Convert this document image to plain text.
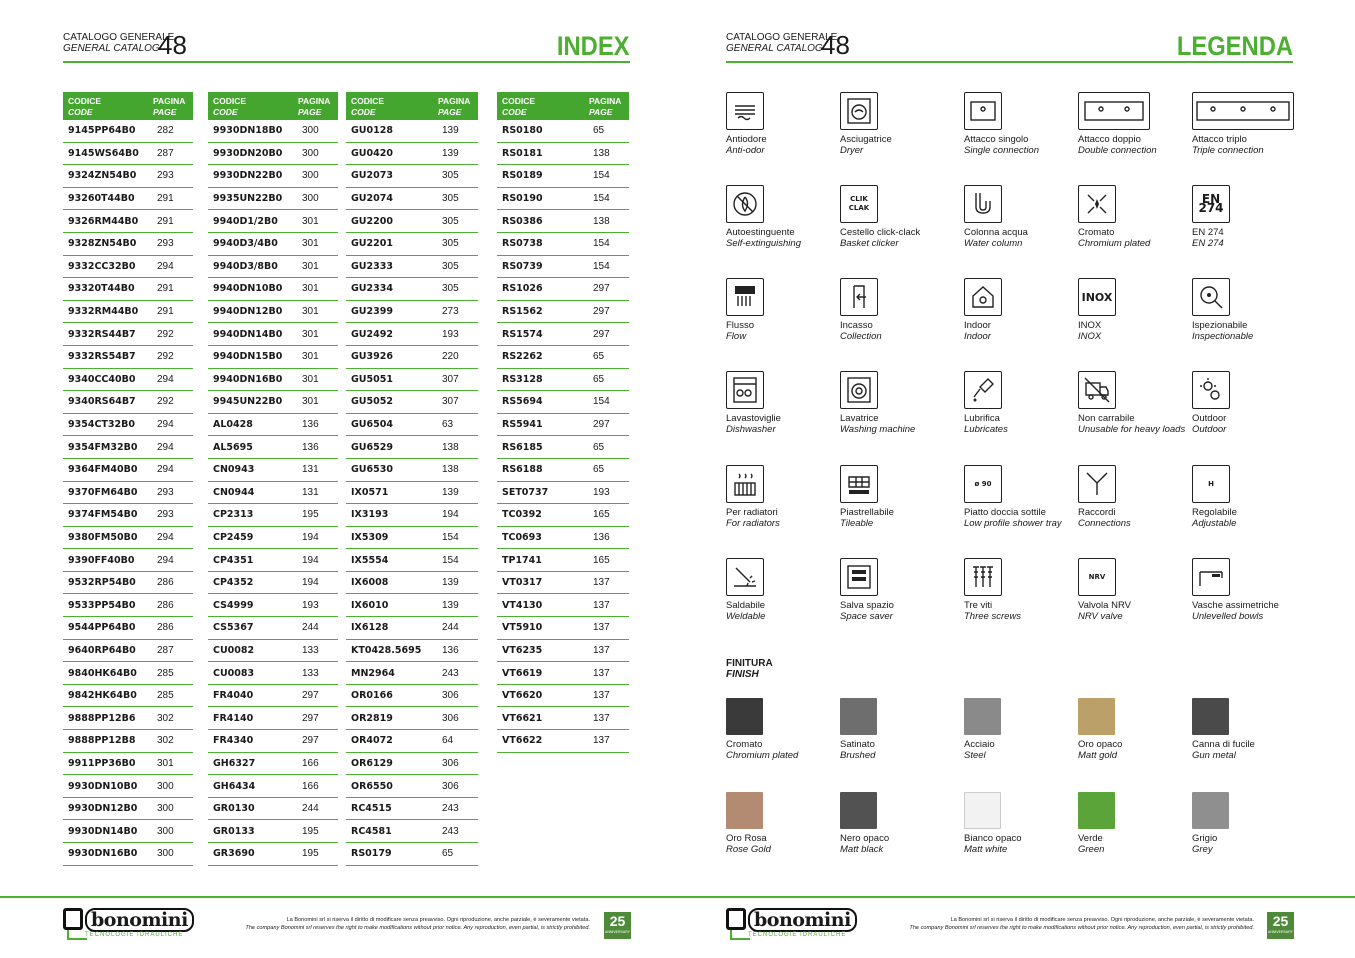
CATALOGO GENERALE
GENERAL CATALOG
48	INDEX	CATALOGO GENERALE
GENERAL CATALOG
48	LEGENDA
CODICE
CODE
PAGINA
PAGE
9145PP64B0	282
9145WS64B0	287
9324ZN54B0	293
93260T44B0	291
9326RM44B0	291
9328ZN54B0	293
9332CC32B0	294
93320T44B0	291
9332RM44B0	291
9332RS44B7	292
9332RS54B7	292
9340CC40B0	294
9340RS64B7	292
9354CT32B0	294
9354FM32B0	294
9364FM40B0	294
9370FM64B0	293
9374FM54B0	293
9380FM50B0	294
9390FF40B0	294
9532RP54B0	286
9533PP54B0	286
9544PP64B0	286
9640RP64B0	287
9840HK64B0	285
9842HK64B0	285
9888PP12B6	302
9888PP12B8	302
9911PP36B0	301
9930DN10B0	300
9930DN12B0	300
9930DN14B0	300
9930DN16B0	300
CODICE
CODE
PAGINA
PAGE
9930DN18B0	300
9930DN20B0	300
9930DN22B0	300
9935UN22B0	300
9940D1/2B0	301
9940D3/4B0	301
9940D3/8B0	301
9940DN10B0	301
9940DN12B0	301
9940DN14B0	301
9940DN15B0	301
9940DN16B0	301
9945UN22B0	301
AL0428	136
AL5695	136
CN0943	131
CN0944	131
CP2313	195
CP2459	194
CP4351	194
CP4352	194
CS4999	193
CS5367	244
CU0082	133
CU0083	133
FR4040	297
FR4140	297
FR4340	297
GH6327	166
GH6434	166
GR0130	244
GR0133	195
GR3690	195
CODICE
CODE
PAGINA
PAGE
GU0128	139
GU0420	139
GU2073	305
GU2074	305
GU2200	305
GU2201	305
GU2333	305
GU2334	305
GU2399	273
GU2492	193
GU3926	220
GU5051	307
GU5052	307
GU6504	63
GU6529	138
GU6530	138
IX0571	139
IX3193	194
IX5309	154
IX5554	154
IX6008	139
IX6010	139
IX6128	244
KT0428.5695	136
MN2964	243
OR0166	306
OR2819	306
OR4072	64
OR6129	306
OR6550	306
RC4515	243
RC4581	243
RS0179	65
CODICE
CODE
PAGINA
PAGE
RS0180	65
RS0181	138
RS0189	154
RS0190	154
RS0386	138
RS0738	154
RS0739	154
RS1026	297
RS1562	297
RS1574	297
RS2262	65
RS3128	65
RS5694	154
RS5941	297
RS6185	65
RS6188	65
SET0737	193
TC0392	165
TC0693	136
TP1741	165
VT0317	137
VT4130	137
VT5910	137
VT6235	137
VT6619	137
VT6620	137
VT6621	137
VT6622	137
Antiodore
Anti-odor
Asciugatrice
Dryer
Attacco singolo
Single connection
Attacco doppio
Double connection
Attacco triplo
Triple connection
Autoestinguente
Self-extinguishing
CLIK
CLAK
Cestello click-clack
Basket clicker
Colonna acqua
Water column
Cromato
Chromium plated
EN
274
EN 274
EN 274
Flusso
Flow
Incasso
Collection
Indoor
Indoor
INOX
INOX
INOX
Ispezionabile
Inspectionable
Lavastoviglie
Dishwasher
Lavatrice
Washing machine
Lubrifica
Lubricates
Non carrabile
Unusable for heavy loads
Outdoor
Outdoor
Per radiatori
For radiators
Piastrellabile
Tileable
ø 90
Piatto doccia sottile
Low profile shower tray
Raccordi
Connections
H
Regolabile
Adjustable
Saldabile
Weldable
Salva spazio
Space saver
Tre viti
Three screws
NRV
Valvola NRV
NRV valve
Vasche assimetriche
Unlevelled bowls
FINITURA
FINISH
Cromato
Chromium plated
Satinato
Brushed
Acciaio
Steel
Oro opaco
Matt gold
Canna di fucile
Gun metal
Oro Rosa
Rose Gold
Nero opaco
Matt black
Bianco opaco
Matt white
Verde
Green
Grigio
Grey
bonomini
TECNOLOGIE IDRAULICHE
La Bonomini srl si riserva il diritto di modificare senza preavviso. Ogni riproduzione, anche parziale, è severamente vietata.
The company Bonomini srl reserves the right to make modifications without prior notice. Any reproduction, even partial, is strictly prohibited.	25
ANNIVERSARY
bonomini
TECNOLOGIE IDRAULICHE
La Bonomini srl si riserva il diritto di modificare senza preavviso. Ogni riproduzione, anche parziale, è severamente vietata.
The company Bonomini srl reserves the right to make modifications without prior notice. Any reproduction, even partial, is strictly prohibited.	25
ANNIVERSARY
